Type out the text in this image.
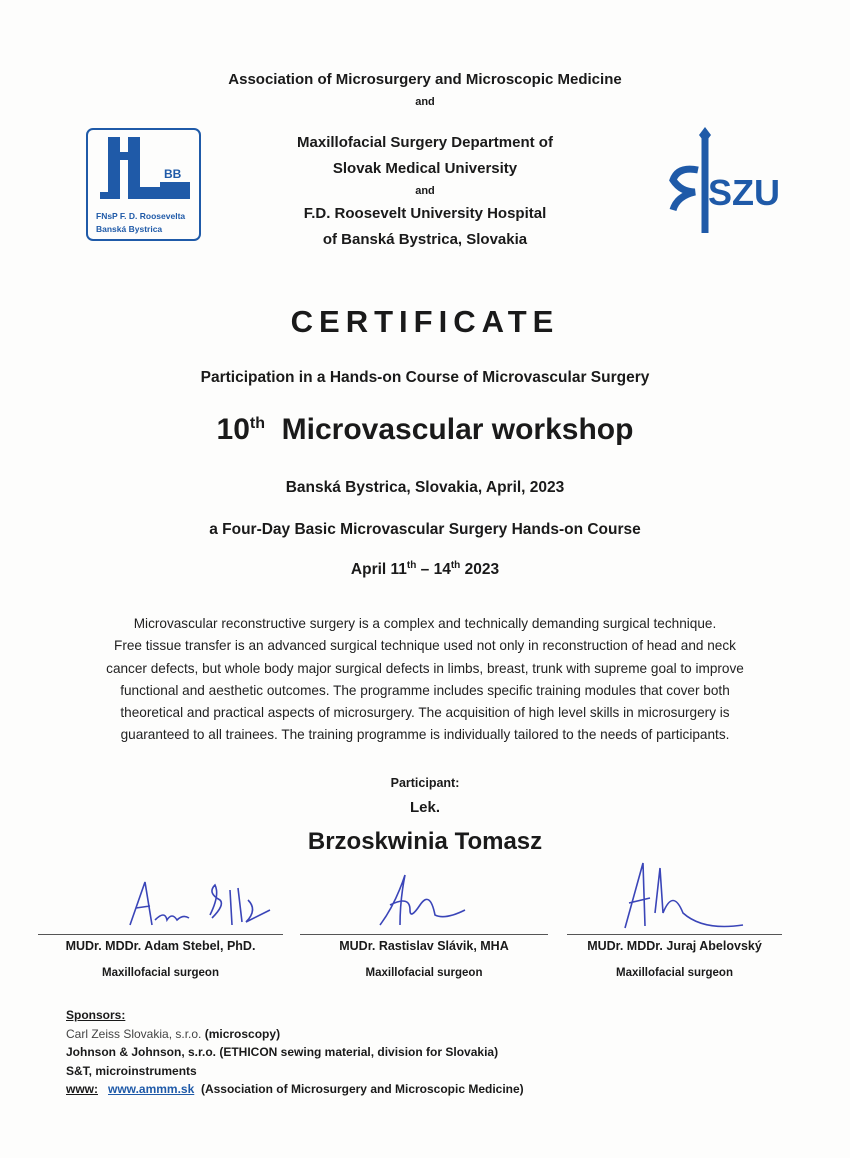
Association of Microsurgery and Microscopic Medicine
and
Maxillofacial Surgery Department of
Slovak Medical University
and
F.D. Roosevelt University Hospital
of Banská Bystrica, Slovakia
BB
FNsP F. D. Roosevelta
Banská Bystrica
SZU
CERTIFICATE
Participation in a Hands-on Course of Microvascular Surgery
10th Microvascular workshop
Banská Bystrica, Slovakia, April, 2023
a Four-Day Basic Microvascular Surgery Hands-on Course
April 11th – 14th 2023

Microvascular reconstructive surgery is a complex and technically demanding surgical technique.

Free tissue transfer is an advanced surgical technique used not only in reconstruction of head and neck

cancer defects, but whole body major surgical defects in limbs, breast, trunk with supreme goal to improve

functional and aesthetic outcomes. The programme includes specific training modules that cover both

theoretical and practical aspects of microsurgery. The acquisition of high level skills in microsurgery is

guaranteed to all trainees. The training programme is individually tailored to the needs of participants.

Participant:
Lek.
Brzoskwinia Tomasz
MUDr. MDDr. Adam Stebel, PhD.
Maxillofacial surgeon
MUDr. Rastislav Slávik, MHA
Maxillofacial surgeon
MUDr. MDDr. Juraj Abelovský
Maxillofacial surgeon
Sponsors:
Carl Zeiss Slovakia, s.r.o. (microscopy)
Johnson & Johnson, s.r.o. (ETHICON sewing material, division for Slovakia)
S&T, microinstruments
www: www.ammm.sk (Association of Microsurgery and Microscopic Medicine)
